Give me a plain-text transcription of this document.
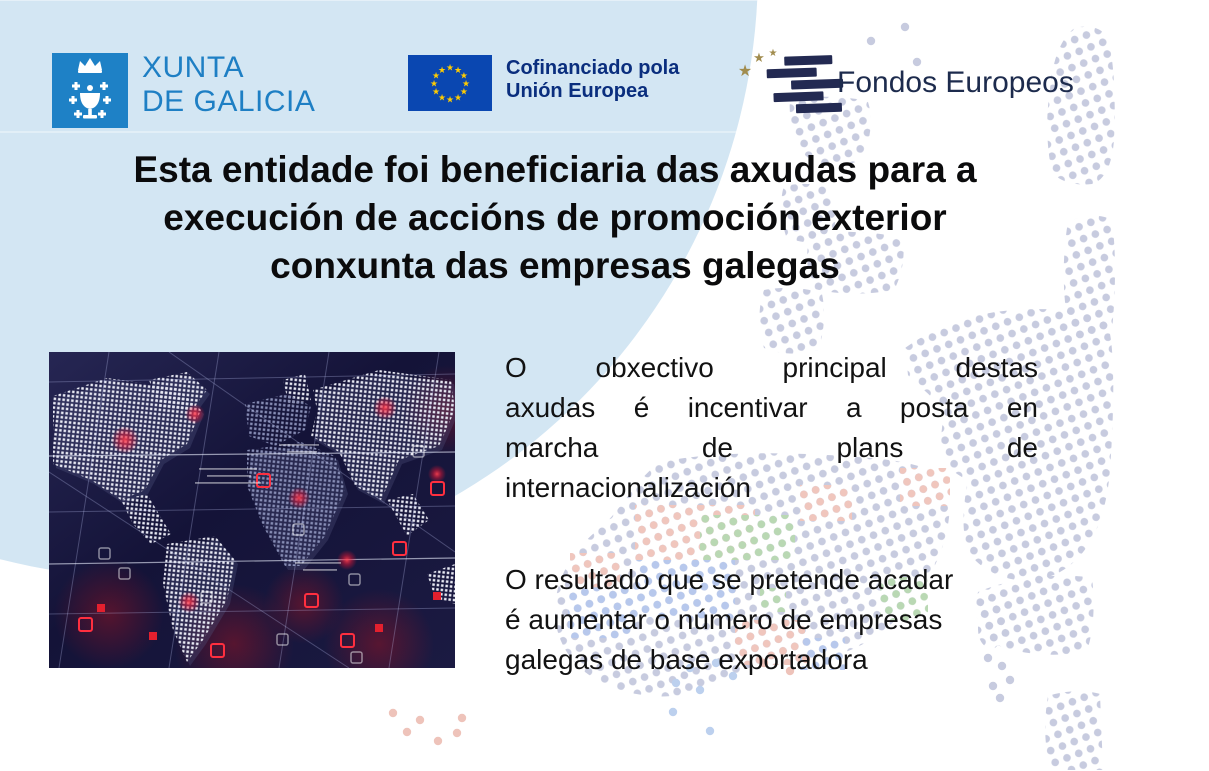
XUNTA
DE GALICIA
★ ★
★
★
★
★
★
★
★
★
★
★	Cofinanciado pola
Unión Europea
★
★ ★
Fondos Europeos
Esta entidade foi beneficiaria das axudas para a
execución de accións de promoción exterior
conxunta das empresas galegas
O obxectivo principal destas
axudas é incentivar a posta en
marcha de plans de
internacionalización
O resultado que se pretende acadar
é aumentar o número de empresas
galegas de base exportadora
